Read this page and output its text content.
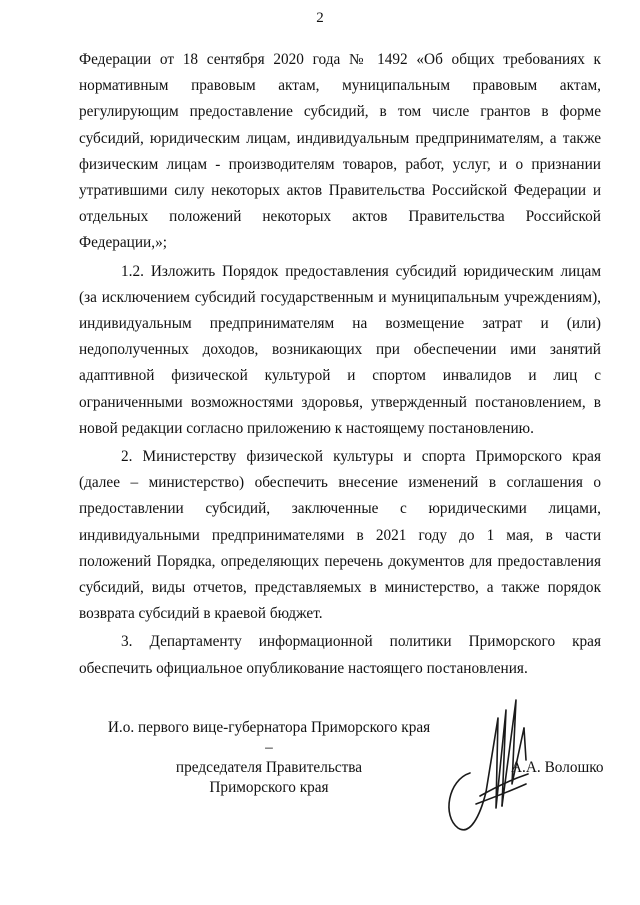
2

Федерации от 18 сентября 2020 года № 1492 «Об общих требованиях к нормативным правовым актам, муниципальным правовым актам, регулирующим предоставление субсидий, в том числе грантов в форме субсидий, юридическим лицам, индивидуальным предпринимателям, а также физическим лицам - производителям товаров, работ, услуг, и о признании утратившими силу некоторых актов Правительства Российской Федерации и отдельных положений некоторых актов Правительства Российской Федерации,»;

1.2. Изложить Порядок предоставления субсидий юридическим лицам (за исключением субсидий государственным и муниципальным учреждениям), индивидуальным предпринимателям на возмещение затрат и (или) недополученных доходов, возникающих при обеспечении ими занятий адаптивной физической культурой и спортом инвалидов и лиц с ограниченными возможностями здоровья, утвержденный постановлением, в новой редакции согласно приложению к настоящему постановлению.

2. Министерству физической культуры и спорта Приморского края (далее – министерство) обеспечить внесение изменений в соглашения о предоставлении субсидий, заключенные с юридическими лицами, индивидуальными предпринимателями в 2021 году до 1 мая, в части положений Порядка, определяющих перечень документов для предоставления субсидий, виды отчетов, представляемых в министерство, а также порядок возврата субсидий в краевой бюджет.

3. Департаменту информационной политики Приморского края обеспечить официальное опубликование настоящего постановления.

И.о. первого вице-губернатора Приморского края –
председателя Правительства
Приморского края
А.А. Волошко
